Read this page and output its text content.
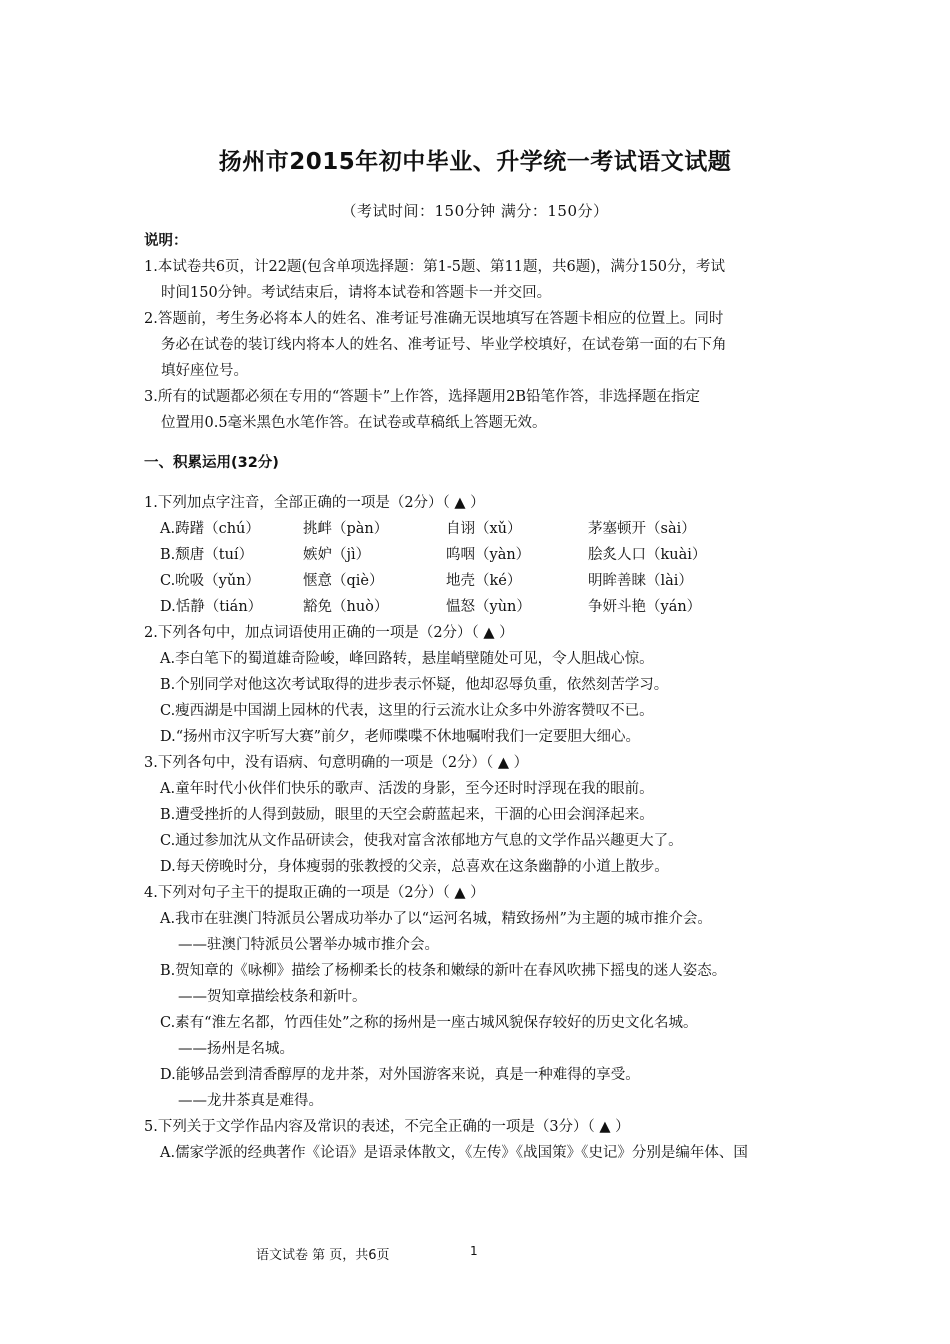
扬州市2015年初中毕业、升学统一考试语文试题
（考试时间：150分钟 满分：150分）
说明：
1.本试卷共6页，计22题(包含单项选择题：第1-5题、第11题，共6题)，满分150分，考试
时间150分钟。考试结束后，请将本试卷和答题卡一并交回。
2.答题前，考生务必将本人的姓名、准考证号准确无误地填写在答题卡相应的位置上。同时
务必在试卷的装订线内将本人的姓名、准考证号、毕业学校填好，在试卷第一面的右下角
填好座位号。
3.所有的试题都必须在专用的“答题卡”上作答，选择题用2B铅笔作答，非选择题在指定
位置用0.5毫米黑色水笔作答。在试卷或草稿纸上答题无效。
一、积累运用(32分)
1.下列加点字注音，全部正确的一项是（2分）（ ▲ ）
A.踌躇（chú）	挑衅（pàn）	自诩（xǔ）	茅塞顿开（sài）
B.颓唐（tuí）	嫉妒（jì）	呜咽（yàn）	脍炙人口（kuài）
C.吮吸（yǔn）	惬意（qiè）	地壳（ké）	明眸善睐（lài）
D.恬静（tián）	豁免（huò）	愠怒（yùn）	争妍斗艳（yán）
2.下列各句中，加点词语使用正确的一项是（2分）（ ▲ ）
A.李白笔下的蜀道雄奇险峻，峰回路转，悬崖峭壁随处可见，令人胆战心惊。
B.个别同学对他这次考试取得的进步表示怀疑，他却忍辱负重，依然刻苦学习。
C.瘦西湖是中国湖上园林的代表，这里的行云流水让众多中外游客赞叹不已。
D.“扬州市汉字听写大赛”前夕，老师喋喋不休地嘱咐我们一定要胆大细心。
3.下列各句中，没有语病、句意明确的一项是（2分）（ ▲ ）
A.童年时代小伙伴们快乐的歌声、活泼的身影，至今还时时浮现在我的眼前。
B.遭受挫折的人得到鼓励，眼里的天空会蔚蓝起来，干涸的心田会润泽起来。
C.通过参加沈从文作品研读会，使我对富含浓郁地方气息的文学作品兴趣更大了。
D.每天傍晚时分，身体瘦弱的张教授的父亲，总喜欢在这条幽静的小道上散步。
4.下列对句子主干的提取正确的一项是（2分）（ ▲ ）
A.我市在驻澳门特派员公署成功举办了以“运河名城，精致扬州”为主题的城市推介会。
——驻澳门特派员公署举办城市推介会。
B.贺知章的《咏柳》描绘了杨柳柔长的枝条和嫩绿的新叶在春风吹拂下摇曳的迷人姿态。
——贺知章描绘枝条和新叶。
C.素有“淮左名都，竹西佳处”之称的扬州是一座古城风貌保存较好的历史文化名城。
——扬州是名城。
D.能够品尝到清香醇厚的龙井茶，对外国游客来说，真是一种难得的享受。
——龙井茶真是难得。
5.下列关于文学作品内容及常识的表述，不完全正确的一项是（3分）（ ▲ ）
A.儒家学派的经典著作《论语》是语录体散文，《左传》《战国策》《史记》分别是编年体、国
语文试卷 第 页，共6页	1
